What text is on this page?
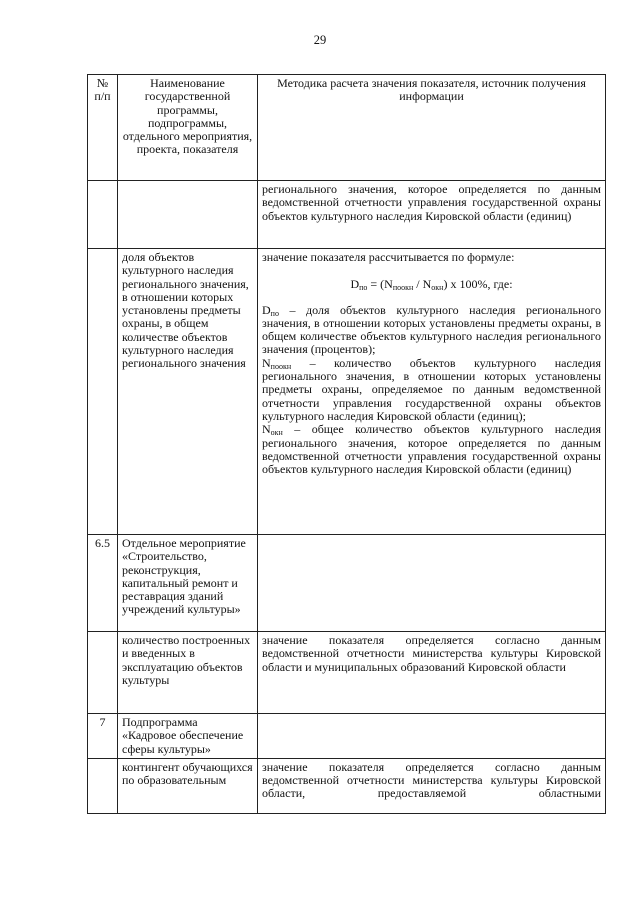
29
№
п/п	Наименование государственной программы, подпрограммы, отдельного мероприятия, проекта, показателя	Методика расчета значения показателя, источник получения информации
		регионального значения, которое определяется по данным ведомственной отчетности управления государственной охраны объектов культурного наследия Кировской области (единиц)
	доля объектов культурного наследия регионального значения, в отношении которых установлены предметы охраны, в общем количестве объектов культурного наследия регионального значения	значение показателя рассчитывается по формуле:

$D_{по} = (N_{поокн} / N_{окн})$ х 100%, где:

$D_{по}$ – доля объектов культурного наследия регионального значения, в отношении которых установлены предметы охраны, в общем количестве объектов культурного наследия регионального значения (процентов);

$N_{поокн}$ – количество объектов культурного наследия регионального значения, в отношении которых установлены предметы охраны, определяемое по данным ведомственной отчетности управления государственной охраны объектов культурного наследия Кировской области (единиц);

$N_{окн}$ – общее количество объектов культурного наследия регионального значения, которое определяется по данным ведомственной отчетности управления государственной охраны объектов культурного наследия Кировской области (единиц)

6.5	Отдельное мероприятие «Строительство, реконструкция, капитальный ремонт и реставрация зданий учреждений культуры»	
	количество построенных и введенных в эксплуатацию объектов культуры	значение показателя определяется согласно данным ведомственной отчетности министерства культуры Кировской области и муниципальных образований Кировской области
7	Подпрограмма «Кадровое обеспечение сферы культуры»	
	контингент обучающихся по образовательным	значение показателя определяется согласно данным ведомственной отчетности министерства культуры Кировской области, предоставляемой областными
